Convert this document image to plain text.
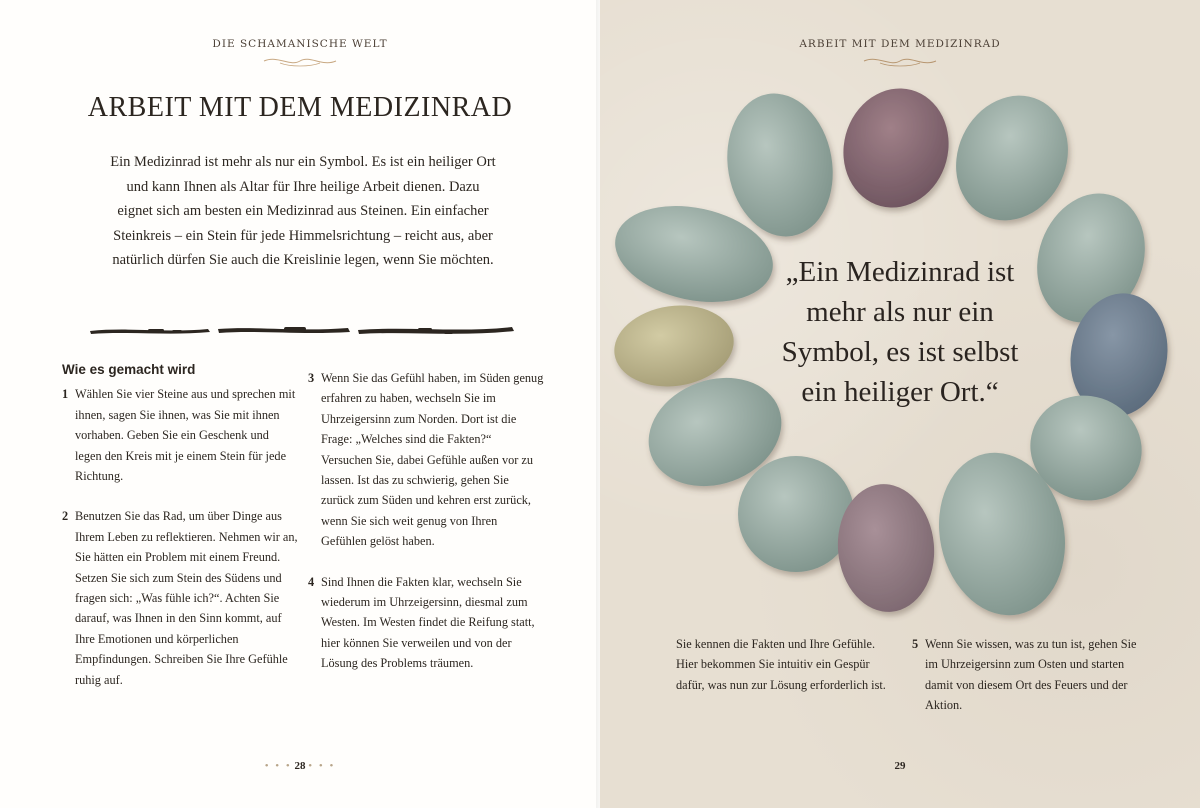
DIE SCHAMANISCHE WELT
ARBEIT MIT DEM MEDIZINRAD
Ein Medizinrad ist mehr als nur ein Symbol. Es ist ein heiliger Ort und kann Ihnen als Altar für Ihre heilige Arbeit dienen. Dazu eignet sich am besten ein Medizinrad aus Steinen. Ein einfacher Steinkreis – ein Stein für jede Himmelsrichtung – reicht aus, aber natürlich dürfen Sie auch die Kreislinie legen, wenn Sie möchten.
Wie es gemacht wird
1 Wählen Sie vier Steine aus und sprechen mit ihnen, sagen Sie ihnen, was Sie mit ihnen vorhaben. Geben Sie ein Geschenk und legen den Kreis mit je einem Stein für jede Richtung.
2 Benutzen Sie das Rad, um über Dinge aus Ihrem Leben zu reflektieren. Nehmen wir an, Sie hätten ein Problem mit einem Freund. Setzen Sie sich zum Stein des Südens und fragen sich: „Was fühle ich?“. Achten Sie darauf, was Ihnen in den Sinn kommt, auf Ihre Emotionen und körperlichen Empfindungen. Schreiben Sie Ihre Gefühle ruhig auf.
3 Wenn Sie das Gefühl haben, im Süden genug erfahren zu haben, wechseln Sie im Uhrzeigersinn zum Norden. Dort ist die Frage: „Welches sind die Fakten?“ Versuchen Sie, dabei Gefühle außen vor zu lassen. Ist das zu schwierig, gehen Sie zurück zum Süden und kehren erst zurück, wenn Sie sich weit genug von Ihren Gefühlen gelöst haben.
4 Sind Ihnen die Fakten klar, wechseln Sie wiederum im Uhrzeigersinn, diesmal zum Westen. Im Westen findet die Reifung statt, hier können Sie verweilen und von der Lösung des Problems träumen.
• • • 28 • • •
ARBEIT MIT DEM MEDIZINRAD
„Ein Medizinrad ist mehr als nur ein Symbol, es ist selbst ein heiliger Ort.“
Sie kennen die Fakten und Ihre Gefühle. Hier bekommen Sie intuitiv ein Gespür dafür, was nun zur Lösung erforderlich ist.
5 Wenn Sie wissen, was zu tun ist, gehen Sie im Uhrzeigersinn zum Osten und starten damit von diesem Ort des Feuers und der Aktion.
29
